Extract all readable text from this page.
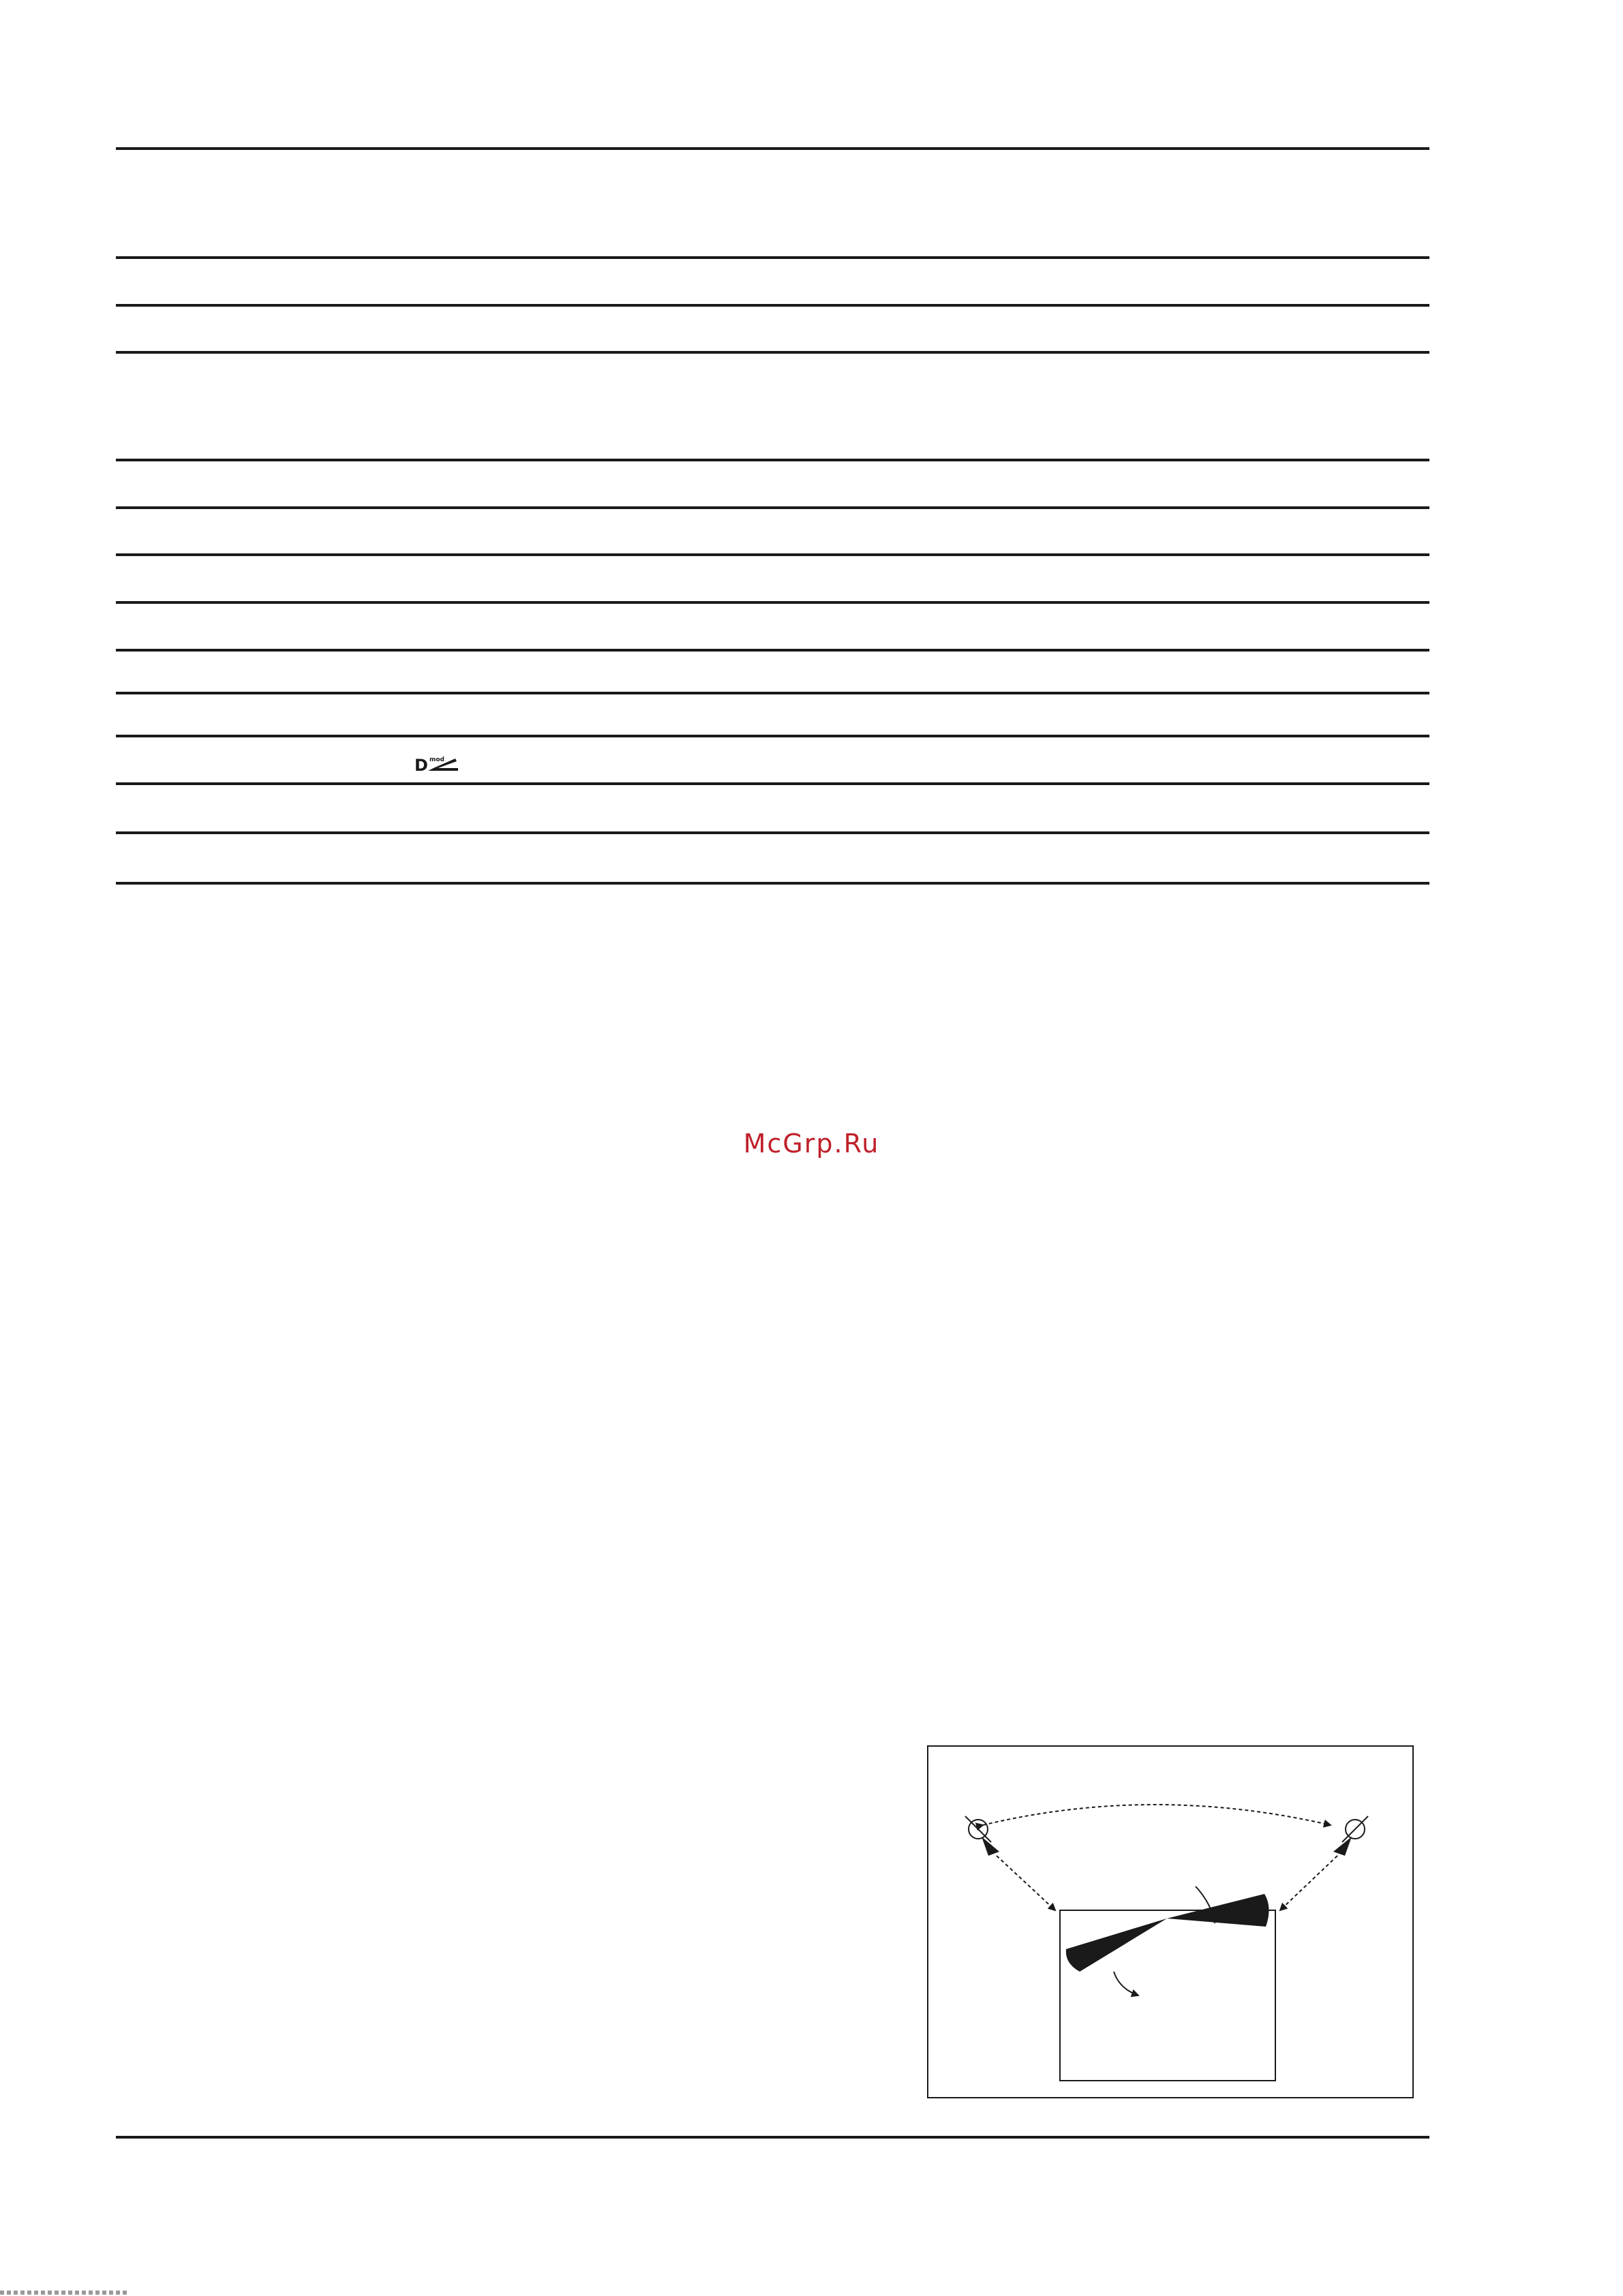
D mod
McGrp.Ru
